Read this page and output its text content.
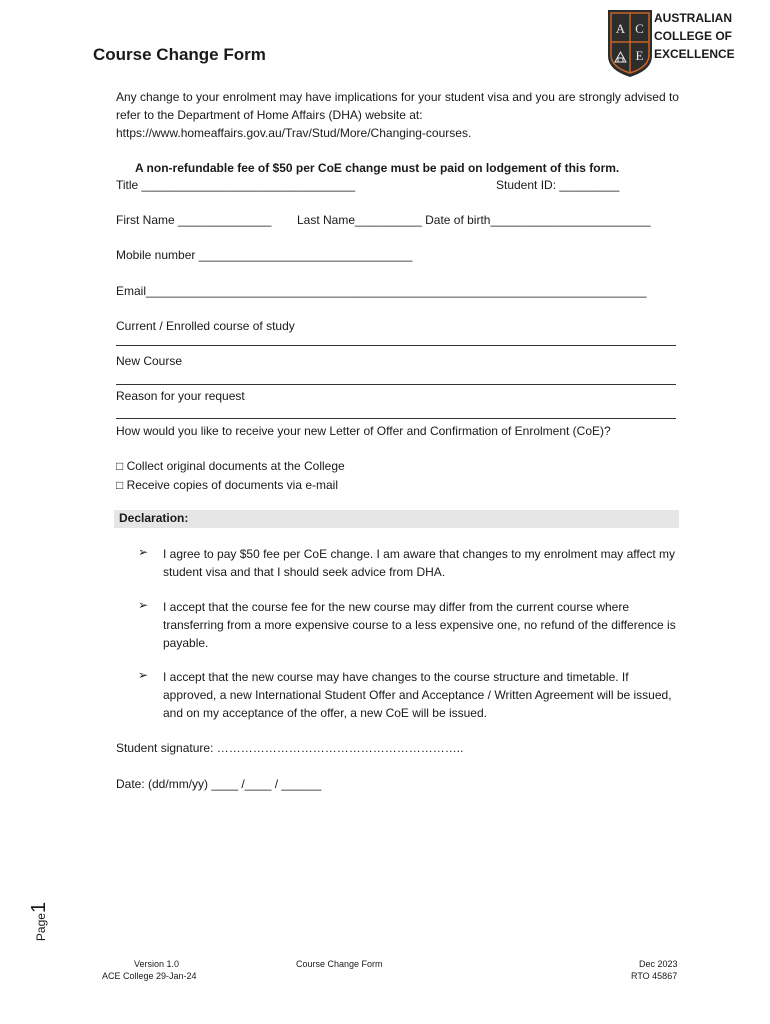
A C
E
AUSTRALIAN
COLLEGE OF
EXCELLENCE
Course Change Form
Any change to your enrolment may have implications for your student visa and you are strongly advised to refer to the Department of Home Affairs (DHA) website at: https://www.homeaffairs.gov.au/Trav/Stud/More/Changing-courses.
A non-refundable fee of $50 per CoE change must be paid on lodgement of this form.
Title ________________________________	Student ID: _________
First Name ______________ Last Name__________ Date of birth________________________
Mobile number ________________________________
Email___________________________________________________________________________
Current / Enrolled course of study
New Course
Reason for your request
How would you like to receive your new Letter of Offer and Confirmation of Enrolment (CoE)?
□ Collect original documents at the College
□ Receive copies of documents via e-mail
Declaration:
➢ I agree to pay $50 fee per CoE change. I am aware that changes to my enrolment may affect my student visa and that I should seek advice from DHA.
➢ I accept that the course fee for the new course may differ from the current course where transferring from a more expensive course to a less expensive one, no refund of the difference is payable.
➢ I accept that the new course may have changes to the course structure and timetable. If approved, a new International Student Offer and Acceptance / Written Agreement will be issued, and on my acceptance of the offer, a new CoE will be issued.
Student signature: ……………………………………………………..
Date: (dd/mm/yy) ____ /____ / ______
Page1
Version 1.0
ACE College 29-Jan-24
Course Change Form	Dec 2023
RTO 45867
